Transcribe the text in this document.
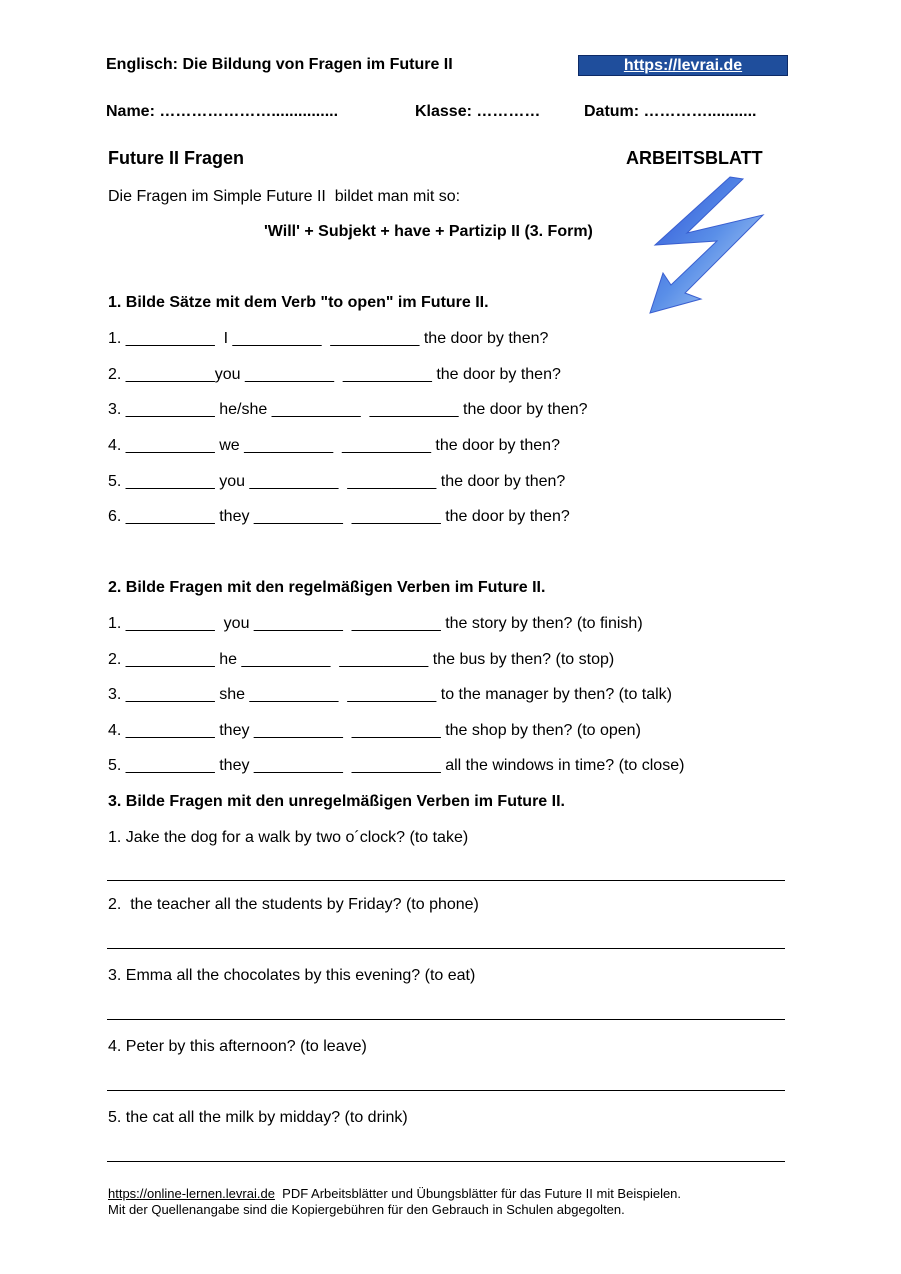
Englisch: Die Bildung von Fragen im Future II	https://levrai.de
Name: …………………...............	Klasse: …………	Datum: …………...........
Future II Fragen	ARBEITSBLATT
Die Fragen im Simple Future II  bildet man mit so:
'Will' + Subjekt + have + Partizip II (3. Form)
1. Bilde Sätze mit dem Verb "to open" im Future II.
1. __________  I __________  __________ the door by then?
2. __________you __________  __________ the door by then?
3. __________ he/she __________  __________ the door by then?
4. __________ we __________  __________ the door by then?
5. __________ you __________  __________ the door by then?
6. __________ they __________  __________ the door by then?
2. Bilde Fragen mit den regelmäßigen Verben im Future II.
1. __________  you __________  __________ the story by then? (to finish)
2. __________ he __________  __________ the bus by then? (to stop)
3. __________ she __________  __________ to the manager by then? (to talk)
4. __________ they __________  __________ the shop by then? (to open)
5. __________ they __________  __________ all the windows in time? (to close)
3. Bilde Fragen mit den unregelmäßigen Verben im Future II.
1. Jake the dog for a walk by two o´clock? (to take)
2.  the teacher all the students by Friday? (to phone)
3. Emma all the chocolates by this evening? (to eat)
4. Peter by this afternoon? (to leave)
5. the cat all the milk by midday? (to drink)
https://online-lernen.levrai.de  PDF Arbeitsblätter und Übungsblätter für das Future II mit Beispielen.
Mit der Quellenangabe sind die Kopiergebühren für den Gebrauch in Schulen abgegolten.
